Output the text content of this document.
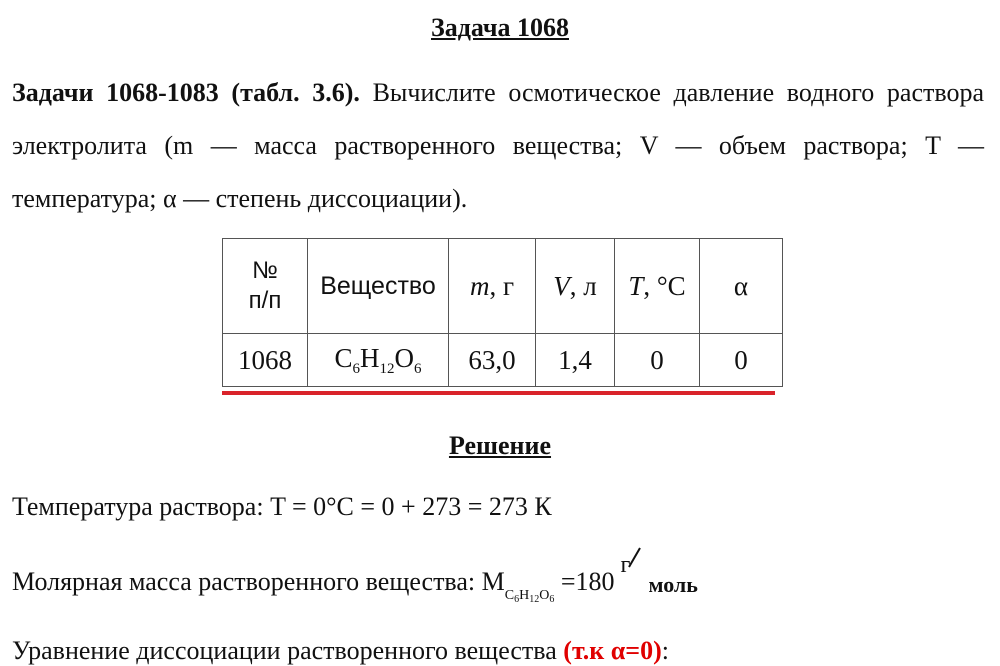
Задача 1068
Задачи 1068-1083 (табл. 3.6). Вычислите осмотическое давление водного раствора электролита (m — масса растворенного вещества; V — объем раствора; T —температура; α — степень диссоциации).
№
п/п	Вещество	m, г	V, л	T, °С	α
1068	$C_6H_{12}O_6$	63,0	1,4	0	0
Решение
Температура раствора: T = 0°C = 0 + 273 = 273 К
Молярная масса растворенного вещества: $M_{C_6H_{12}O_6} =180$
г
моль
Уравнение диссоциации растворенного вещества (т.к α=0):
